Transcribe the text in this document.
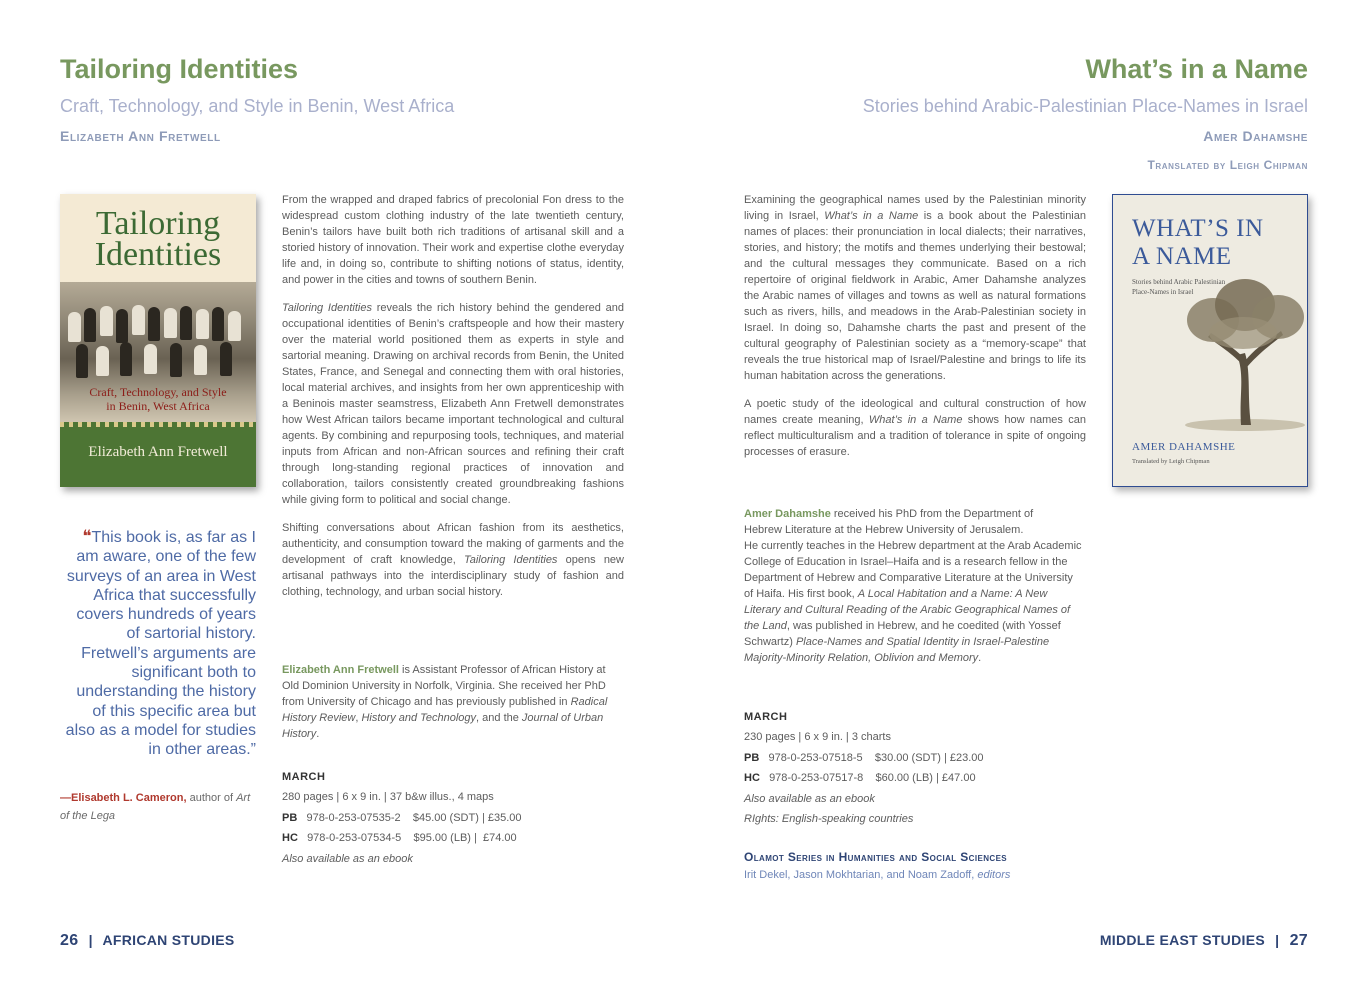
Tailoring Identities
Craft, Technology, and Style in Benin, West Africa
Elizabeth Ann Fretwell
Tailoring
Identities
Craft, Technology, and Style
in Benin, West Africa
Elizabeth Ann Fretwell

From the wrapped and draped fabrics of precolonial Fon dress to the widespread custom clothing industry of the late twentieth century, Benin’s tailors have built both rich traditions of artisanal skill and a storied history of innovation. Their work and expertise clothe everyday life and, in doing so, contribute to shifting notions of status, identity, and power in the cities and towns of southern Benin.

Tailoring Identities reveals the rich history behind the gendered and occupational identities of Benin’s craftspeople and how their mastery over the material world positioned them as experts in style and sartorial meaning. Drawing on archival records from Benin, the United States, France, and Senegal and connecting them with oral histories, local material archives, and insights from her own apprenticeship with a Beninois master seamstress, Elizabeth Ann Fretwell demonstrates how West African tailors became important technological and cultural agents. By combining and repurposing tools, techniques, and material inputs from African and non-African sources and refining their craft through long-standing regional practices of innovation and collaboration, tailors consistently created groundbreaking fashions while giving form to political and social change.

Shifting conversations about African fashion from its aesthetics, authenticity, and consumption toward the making of garments and the development of craft knowledge, Tailoring Identities opens new artisanal pathways into the interdisciplinary study of fashion and clothing, technology, and urban social history.

Elizabeth Ann Fretwell is Assistant Professor of African History at Old Dominion University in Norfolk, Virginia. She received her PhD from University of Chicago and has previously published in Radical History Review, History and Technology, and the Journal of Urban History.
❝This book is, as far as I am aware, one of the few surveys of an area in West Africa that successfully covers hundreds of years of sartorial history. Fretwell’s arguments are significant both to understanding the history of this specific area but also as a model for studies in other areas.”
—Elisabeth L. Cameron, author of Art of the Lega
MARCH
280 pages | 6 x 9 in. | 37 b&w illus., 4 maps
PB 978-0-253-07535-2    $45.00 (SDT) | £35.00
HC 978-0-253-07534-5    $95.00 (LB) |  £74.00
Also available as an ebook
26 | AFRICAN STUDIES
What’s in a Name
Stories behind Arabic-Palestinian Place-Names in Israel
Amer Dahamshe
Translated by Leigh Chipman

Examining the geographical names used by the Palestinian minority living in Israel, What’s in a Name is a book about the Palestinian names of places: their pronunciation in local dialects; their narratives, stories, and history; the motifs and themes underlying their bestowal; and the cultural messages they communicate. Based on a rich repertoire of original fieldwork in Arabic, Amer Dahamshe analyzes the Arabic names of villages and towns as well as natural formations such as rivers, hills, and meadows in the Arab-Palestinian society in Israel. In doing so, Dahamshe charts the past and present of the cultural geography of Palestinian society as a “memory-scape” that reveals the true historical map of Israel/Palestine and brings to life its human habitation across the generations.

A poetic study of the ideological and cultural construction of how names create meaning, What’s in a Name shows how names can reflect multiculturalism and a tradition of tolerance in spite of ongoing processes of erasure.

Amer Dahamshe received his PhD from the Department of
Hebrew Literature at the Hebrew University of Jerusalem.
He currently teaches in the Hebrew department at the Arab Academic College of Education in Israel–Haifa and is a research fellow in the Department of Hebrew and Comparative Literature at the University of Haifa. His first book, A Local Habitation and a Name: A New Literary and Cultural Reading of the Arabic Geographical Names of the Land, was published in Hebrew, and he coedited (with Yossef Schwartz) Place-Names and Spatial Identity in Israel-Palestine Majority-Minority Relation, Oblivion and Memory.
MARCH
230 pages | 6 x 9 in. | 3 charts
PB 978-0-253-07518-5    $30.00 (SDT) | £23.00
HC 978-0-253-07517-8    $60.00 (LB) | £47.00
Also available as an ebook
RIghts: English-speaking countries
Olamot Series in Humanities and Social Sciences
Irit Dekel, Jason Mokhtarian, and Noam Zadoff, editors
WHAT’S IN
A NAME
Stories behind Arabic Palestinian
Place-Names in Israel
AMER DAHAMSHE
Translated by Leigh Chipman
MIDDLE EAST STUDIES | 27
